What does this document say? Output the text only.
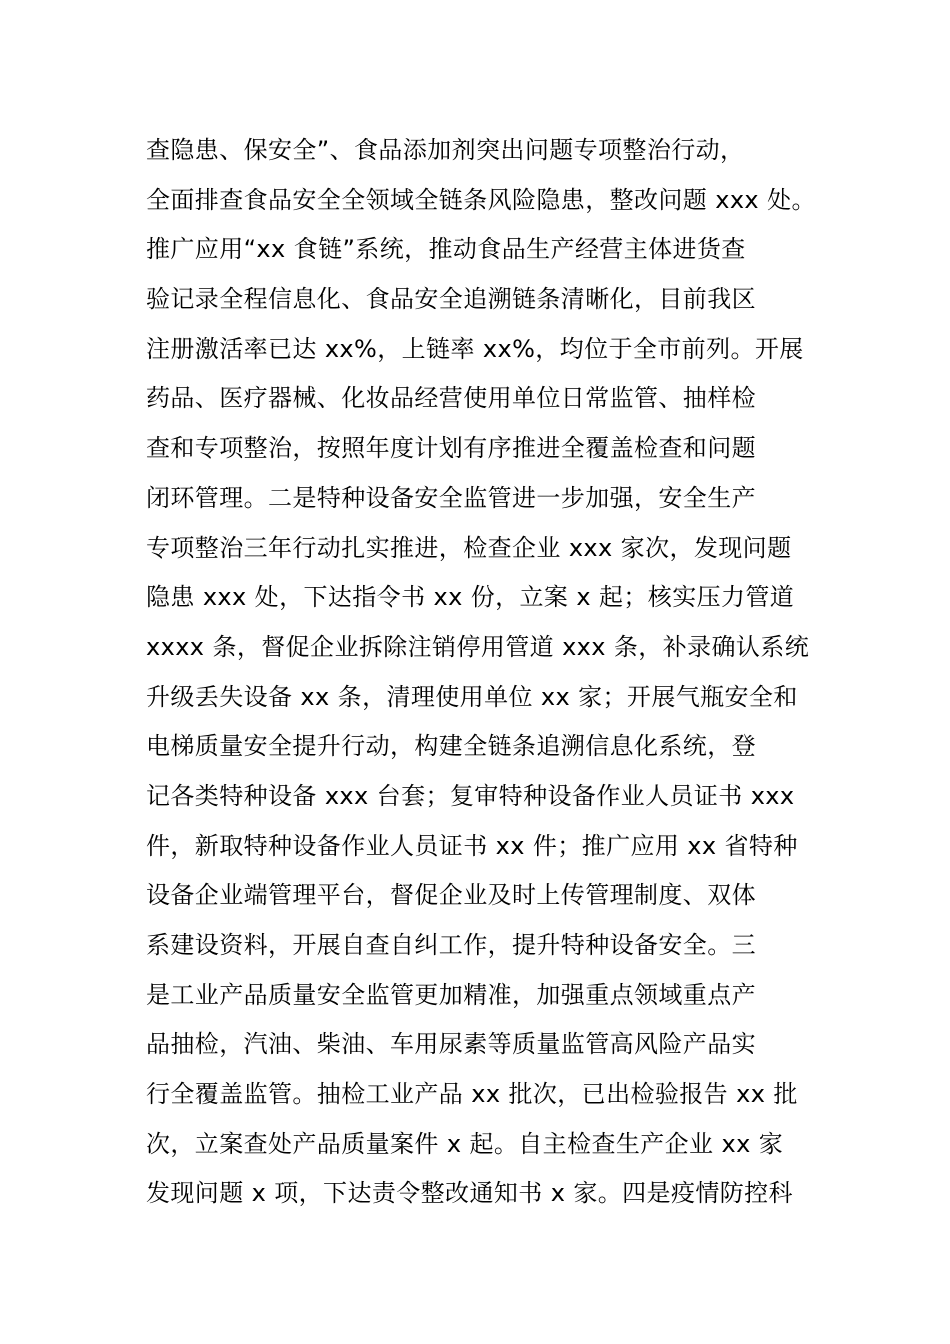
查隐患、保安全”、食品添加剂突出问题专项整治行动，
全面排查食品安全全领域全链条风险隐患，整改问题 xxx 处。
推广应用“xx 食链”系统，推动食品生产经营主体进货查
验记录全程信息化、食品安全追溯链条清晰化，目前我区
注册激活率已达 xx%，上链率 xx%，均位于全市前列。开展
药品、医疗器械、化妆品经营使用单位日常监管、抽样检
查和专项整治，按照年度计划有序推进全覆盖检查和问题
闭环管理。二是特种设备安全监管进一步加强，安全生产
专项整治三年行动扎实推进，检查企业 xxx 家次，发现问题
隐患 xxx 处，下达指令书 xx 份，立案 x 起；核实压力管道
xxxx 条，督促企业拆除注销停用管道 xxx 条，补录确认系统
升级丢失设备 xx 条，清理使用单位 xx 家；开展气瓶安全和
电梯质量安全提升行动，构建全链条追溯信息化系统，登
记各类特种设备 xxx 台套；复审特种设备作业人员证书 xxx
件，新取特种设备作业人员证书 xx 件；推广应用 xx 省特种
设备企业端管理平台，督促企业及时上传管理制度、双体
系建设资料，开展自查自纠工作，提升特种设备安全。三
是工业产品质量安全监管更加精准，加强重点领域重点产
品抽检，汽油、柴油、车用尿素等质量监管高风险产品实
行全覆盖监管。抽检工业产品 xx 批次，已出检验报告 xx 批
次，立案查处产品质量案件 x 起。自主检查生产企业 xx 家
发现问题 x 项，下达责令整改通知书 x 家。四是疫情防控科
